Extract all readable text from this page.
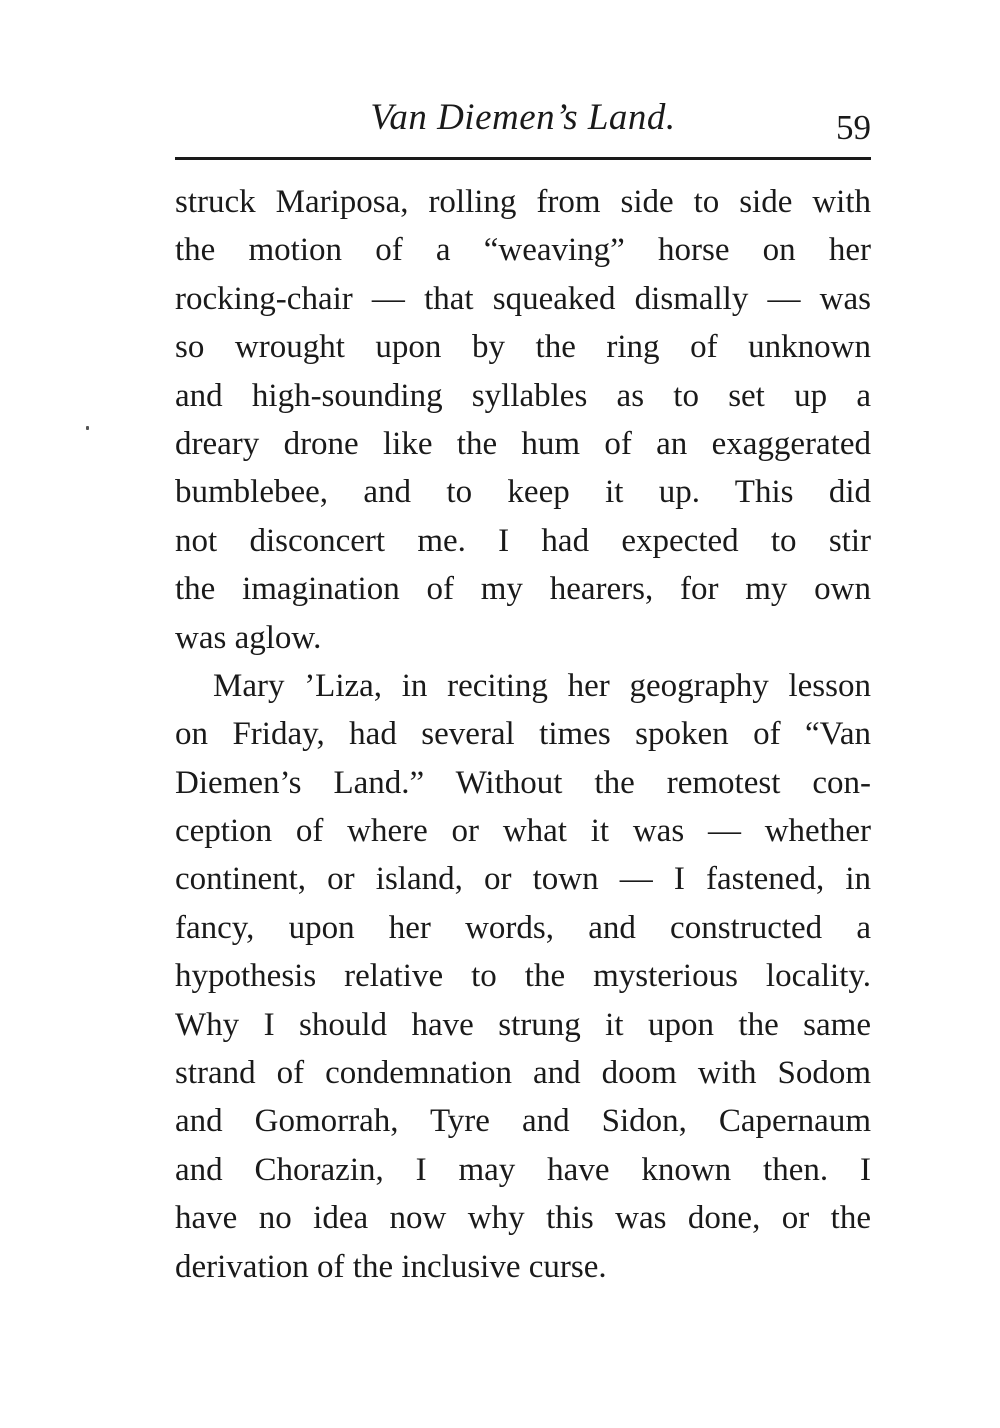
Van Diemen’s Land.	59
struck Mariposa, rolling from side to side with
the motion of a “weaving” horse on her
rocking-chair — that squeaked dismally — was
so wrought upon by the ring of unknown
and high-sounding syllables as to set up a
dreary drone like the hum of an exaggerated
bumblebee, and to keep it up. This did
not disconcert me. I had expected to stir
the imagination of my hearers, for my own
was aglow.
Mary ’Liza, in reciting her geography lesson
on Friday, had several times spoken of “Van
Diemen’s Land.” Without the remotest con-
ception of where or what it was — whether
continent, or island, or town — I fastened, in
fancy, upon her words, and constructed a
hypothesis relative to the mysterious locality.
Why I should have strung it upon the same
strand of condemnation and doom with Sodom
and Gomorrah, Tyre and Sidon, Capernaum
and Chorazin, I may have known then. I
have no idea now why this was done, or the
derivation of the inclusive curse.
